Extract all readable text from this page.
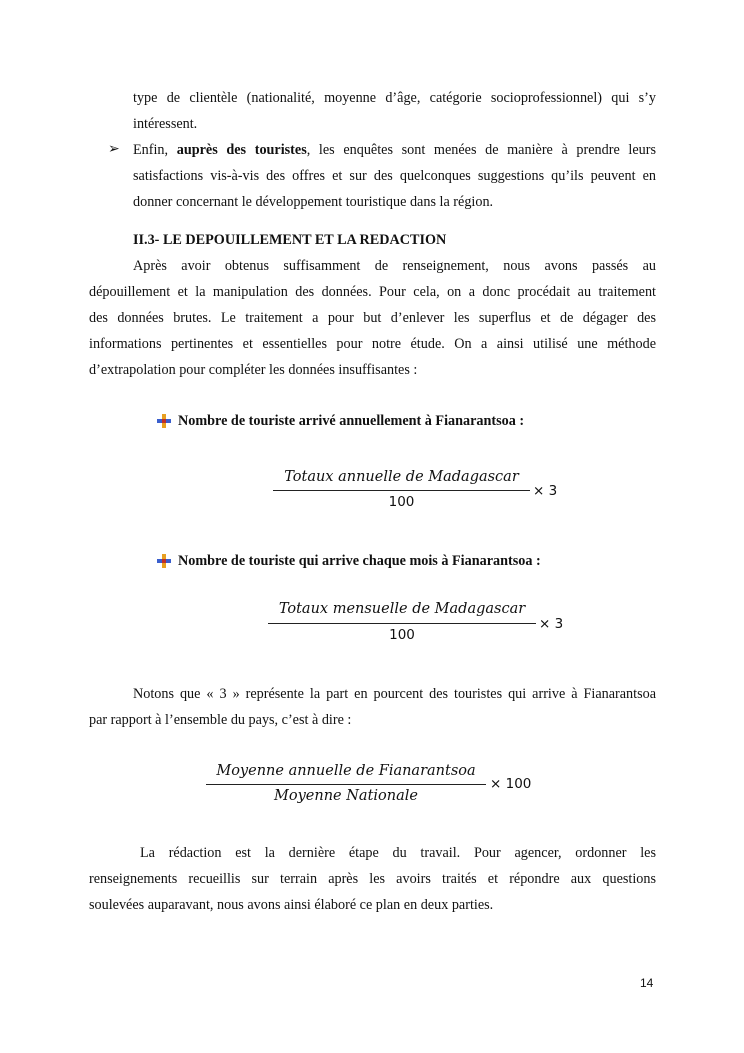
type de clientèle (nationalité, moyenne d’âge, catégorie socioprofessionnel) qui s’y
intéressent.
➢ Enfin, auprès des touristes, les enquêtes sont menées de manière à prendre leurs
satisfactions vis-à-vis des offres et sur des quelconques suggestions qu’ils peuvent en
donner concernant le développement touristique dans la région.
II.3- LE DEPOUILLEMENT ET LA REDACTION
Après avoir obtenus suffisamment de renseignement, nous avons passés au
dépouillement et la manipulation des données. Pour cela, on a donc procédait au traitement
des données brutes. Le traitement a pour but d’enlever les superflus et de dégager des
informations pertinentes et essentielles pour notre étude. On a ainsi utilisé une méthode
d’extrapolation pour compléter les données insuffisantes :
Nombre de touriste arrivé annuellement à Fianarantsoa :
Totaux annuelle de Madagascar
100
× 3
Nombre de touriste qui arrive chaque mois à Fianarantsoa :
Totaux mensuelle de Madagascar
100
× 3
Notons que « 3 » représente la part en pourcent des touristes qui arrive à Fianarantsoa
par rapport à l’ensemble du pays, c’est à dire :
Moyenne annuelle de Fianarantsoa
Moyenne Nationale
× 100
La rédaction est la dernière étape du travail. Pour agencer, ordonner les
renseignements recueillis sur terrain après les avoirs traités et répondre aux questions
soulevées auparavant, nous avons ainsi élaboré ce plan en deux parties.
14
